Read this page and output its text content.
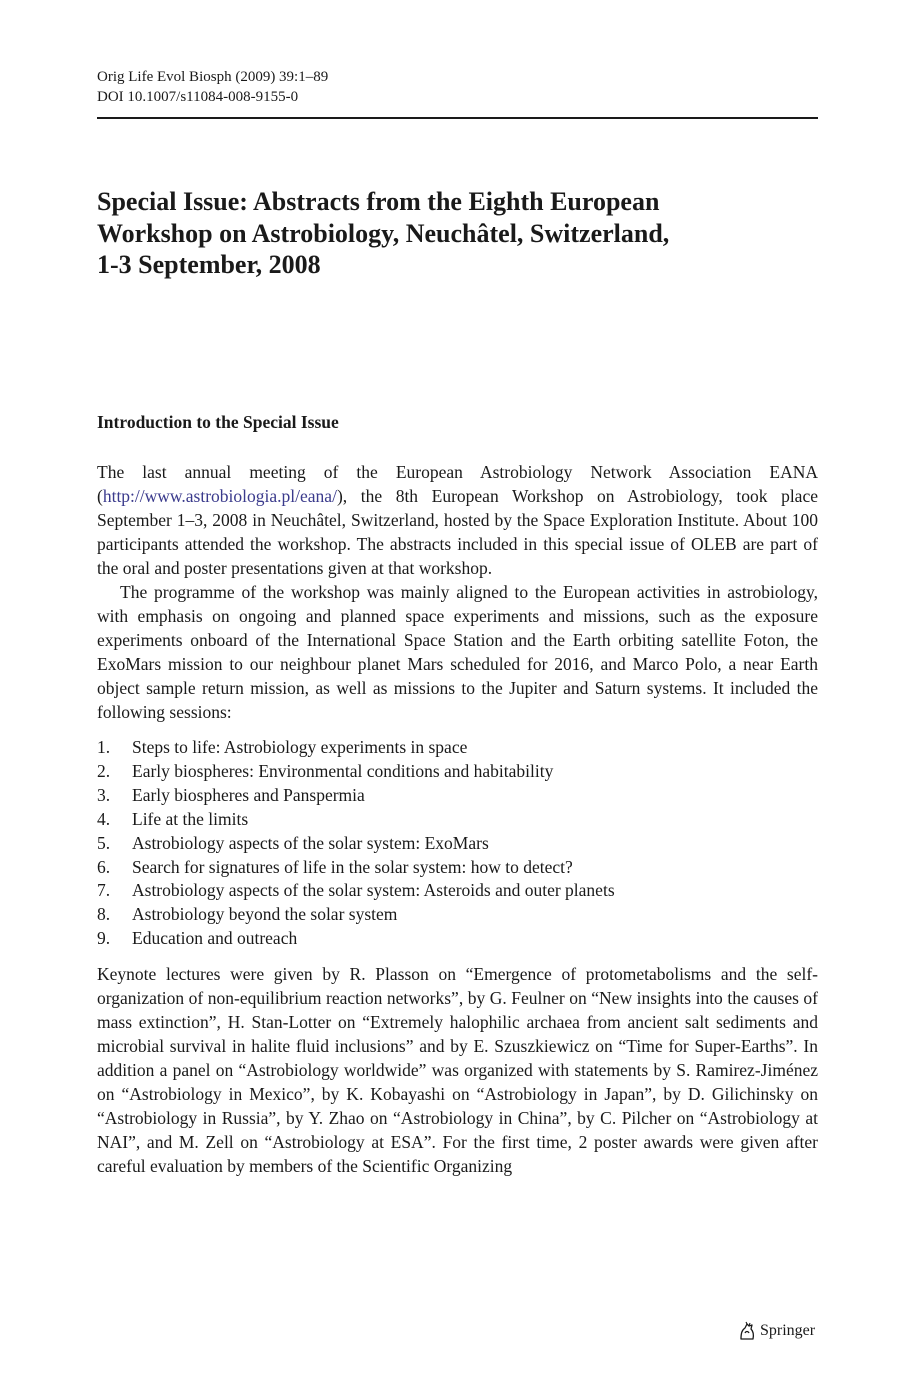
Orig Life Evol Biosph (2009) 39:1–89
DOI 10.1007/s11084-008-9155-0
Special Issue: Abstracts from the Eighth European
Workshop on Astrobiology, Neuchâtel, Switzerland,
1-3 September, 2008
Introduction to the Special Issue

The last annual meeting of the European Astrobiology Network Association EANA (http://www.astrobiologia.pl/eana/), the 8th European Workshop on Astrobiology, took place September 1–3, 2008 in Neuchâtel, Switzerland, hosted by the Space Exploration Institute. About 100 participants attended the workshop. The abstracts included in this special issue of OLEB are part of the oral and poster presentations given at that workshop.

The programme of the workshop was mainly aligned to the European activities in astrobiology, with emphasis on ongoing and planned space experiments and missions, such as the exposure experiments onboard of the International Space Station and the Earth orbiting satellite Foton, the ExoMars mission to our neighbour planet Mars scheduled for 2016, and Marco Polo, a near Earth object sample return mission, as well as missions to the Jupiter and Saturn systems. It included the following sessions:

1.	Steps to life: Astrobiology experiments in space
2.	Early biospheres: Environmental conditions and habitability
3.	Early biospheres and Panspermia
4.	Life at the limits
5.	Astrobiology aspects of the solar system: ExoMars
6.	Search for signatures of life in the solar system: how to detect?
7.	Astrobiology aspects of the solar system: Asteroids and outer planets
8.	Astrobiology beyond the solar system
9.	Education and outreach

Keynote lectures were given by R. Plasson on “Emergence of protometabolisms and the self-organization of non-equilibrium reaction networks”, by G. Feulner on “New insights into the causes of mass extinction”, H. Stan-Lotter on “Extremely halophilic archaea from ancient salt sediments and microbial survival in halite fluid inclusions” and by E. Szuszkiewicz on “Time for Super-Earths”. In addition a panel on “Astrobiology worldwide” was organized with statements by S. Ramirez-Jiménez on “Astrobiology in Mexico”, by K. Kobayashi on “Astrobiology in Japan”, by D. Gilichinsky on “Astrobiology in Russia”, by Y. Zhao on “Astrobiology in China”, by C. Pilcher on “Astrobiology at NAI”, and M. Zell on “Astrobiology at ESA”. For the first time, 2 poster awards were given after careful evaluation by members of the Scientific Organizing

Springer
